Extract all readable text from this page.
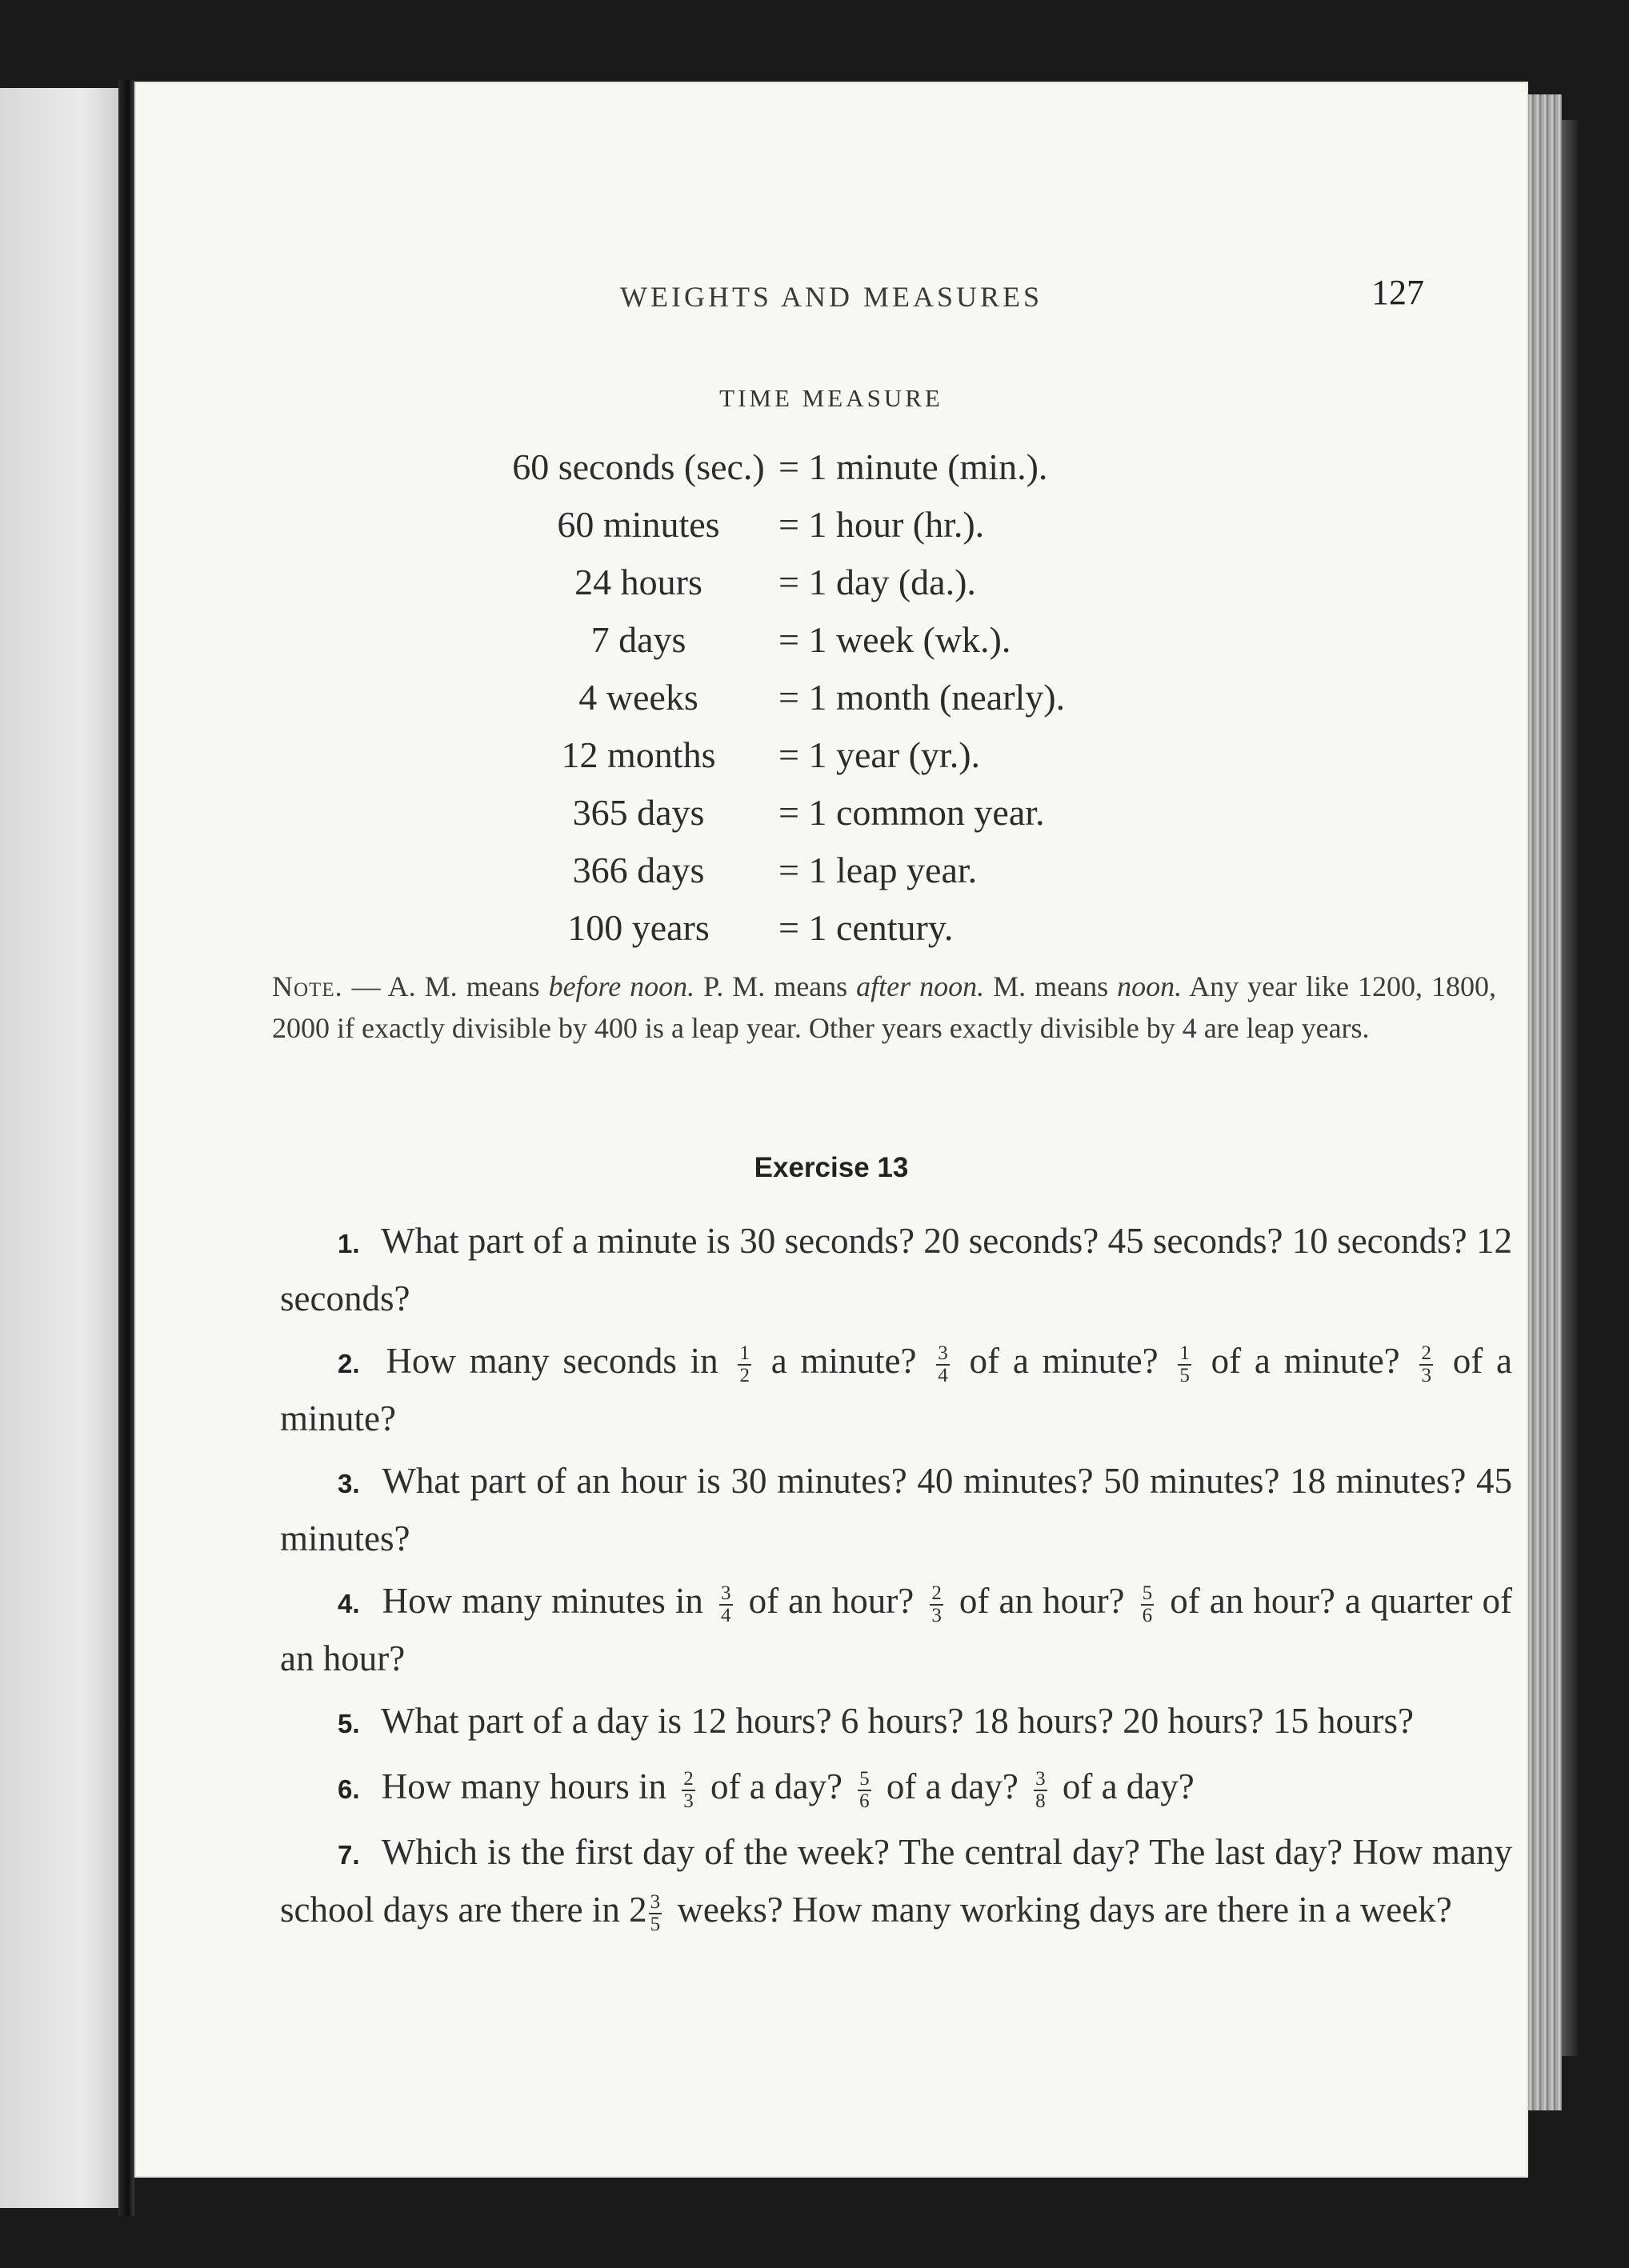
WEIGHTS AND MEASURES	127
TIME MEASURE
60 seconds (sec.) = 1 minute (min.).
60 minutes	= 1 hour (hr.).
24 hours	= 1 day (da.).
7 days	= 1 week (wk.).
4 weeks	= 1 month (nearly).
12 months	= 1 year (yr.).
365 days	= 1 common year.
366 days	= 1 leap year.
100 years	= 1 century.
Note. — A. M. means before noon. P. M. means after noon. M. means noon. Any year like 1200, 1800, 2000 if exactly divisible by 400 is a leap year. Other years exactly divisible by 4 are leap years.
Exercise 13

1. What part of a minute is 30 seconds? 20 seconds? 45 seconds? 10 seconds? 12 seconds?

2. How many seconds in $\frac{1}{2}$ a minute? $\frac{3}{4}$ of a minute? $\frac{1}{5}$ of a minute? $\frac{2}{3}$ of a minute?

3. What part of an hour is 30 minutes? 40 minutes? 50 minutes? 18 minutes? 45 minutes?

4. How many minutes in $\frac{3}{4}$ of an hour? $\frac{2}{3}$ of an hour? $\frac{5}{6}$ of an hour? a quarter of an hour?

5. What part of a day is 12 hours? 6 hours? 18 hours? 20 hours? 15 hours?

6. How many hours in $\frac{2}{3}$ of a day? $\frac{5}{6}$ of a day? $\frac{3}{8}$ of a day?

7. Which is the first day of the week? The central day? The last day? How many school days are there in $2 \frac{3}{5}$ weeks? How many working days are there in a week?
